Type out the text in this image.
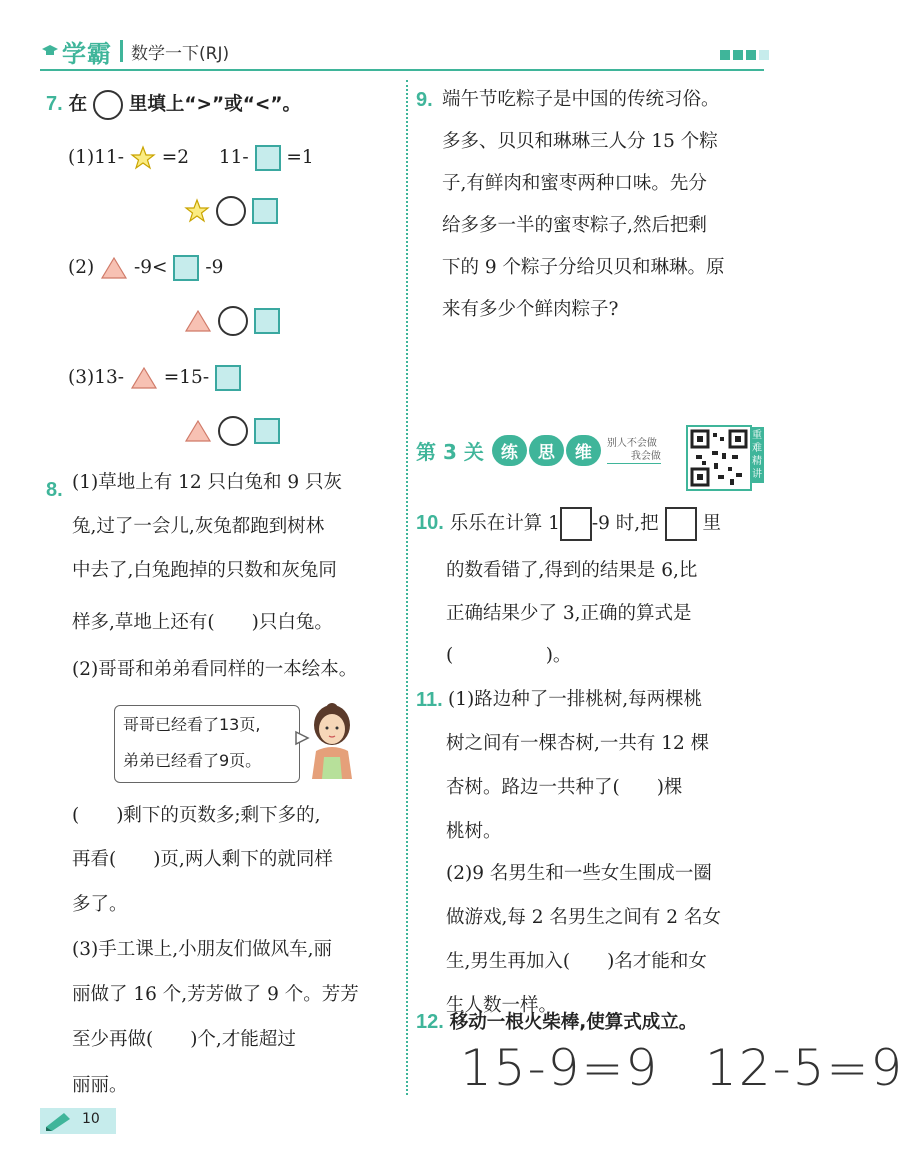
学霸 数学一下(RJ)
7. 在 里填上“>”或“<”。
(1)11- =2 11- =1
(2) -9< -9
(3)13- =15-
8. (1)草地上有 12 只白兔和 9 只灰
兔,过了一会儿,灰兔都跑到树林
中去了,白兔跑掉的只数和灰兔同
样多,草地上还有(　　)只白兔。
(2)哥哥和弟弟看同样的一本绘本。
哥哥已经看了13页,
弟弟已经看了9页。
(　　)剩下的页数多;剩下多的,
再看(　　)页,两人剩下的就同样
多了。
(3)手工课上,小朋友们做风车,丽
丽做了 16 个,芳芳做了 9 个。芳芳
至少再做(　　)个,才能超过
丽丽。
9. 端午节吃粽子是中国的传统习俗。
多多、贝贝和琳琳三人分 15 个粽
子,有鲜肉和蜜枣两种口味。先分
给多多一半的蜜枣粽子,然后把剩
下的 9 个粽子分给贝贝和琳琳。原
来有多少个鲜肉粽子?
第 3 关	练	思	维	别人不会做
我会做
重
难
精
讲
10. 乐乐在计算 1 -9 时,把 里
的数看错了,得到的结果是 6,比
正确结果少了 3,正确的算式是
(　　　　　)。
11. (1)路边种了一排桃树,每两棵桃
树之间有一棵杏树,一共有 12 棵
杏树。路边一共种了(　　)棵
桃树。
(2)9 名男生和一些女生围成一圈
做游戏,每 2 名男生之间有 2 名女
生,男生再加入(　　)名才能和女
生人数一样。
12. 移动一根火柴棒,使算式成立。
15-9=9 12-5=9
10
